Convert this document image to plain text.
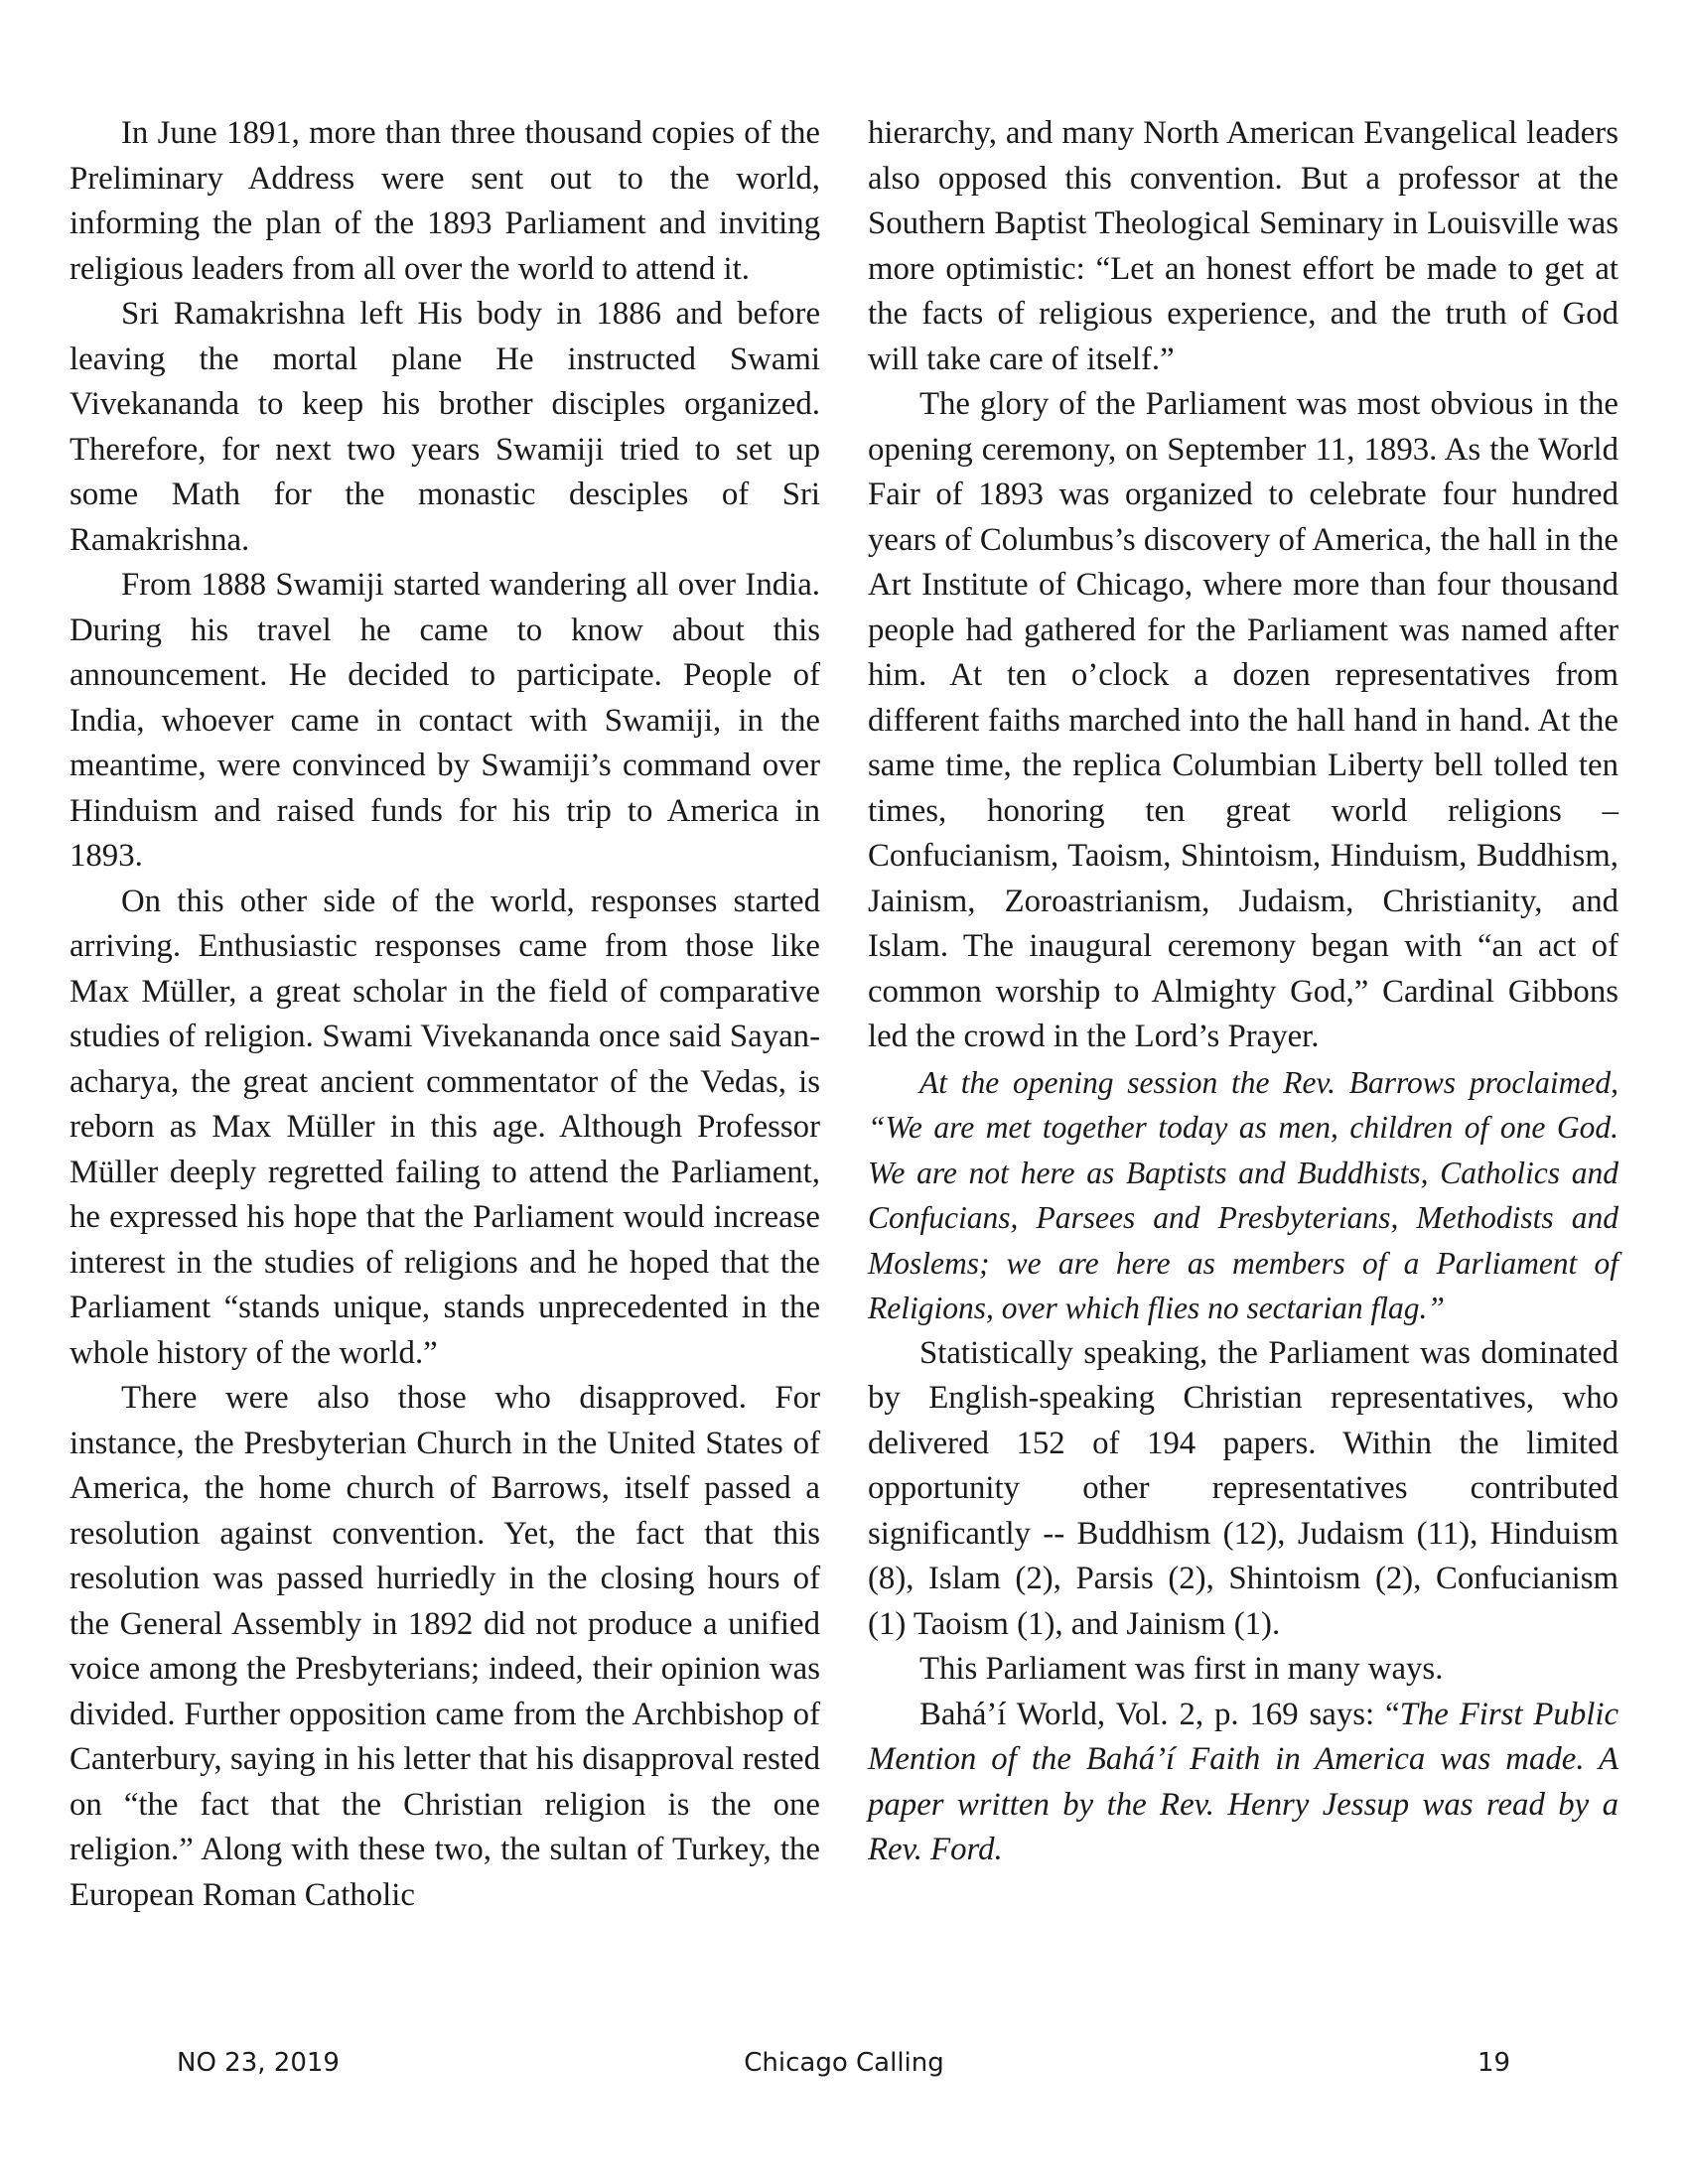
In June 1891, more than three thousand copies of the Preliminary Address were sent out to the world, informing the plan of the 1893 Parliament and inviting religious leaders from all over the world to attend it.

Sri Ramakrishna left His body in 1886 and before leaving the mortal plane He instructed Swami Vivekananda to keep his brother disciples organized. Therefore, for next two years Swamiji tried to set up some Math for the monastic desciples of Sri Ramakrishna.

From 1888 Swamiji started wandering all over India. During his travel he came to know about this announcement. He decided to participate. People of India, whoever came in contact with Swamiji, in the meantime, were convinced by Swamiji’s command over Hinduism and raised funds for his trip to America in 1893.

On this other side of the world, responses started arriving. Enthusiastic responses came from those like Max Müller, a great scholar in the field of comparative studies of religion. Swami Vivekananda once said Sayan-acharya, the great ancient commentator of the Vedas, is reborn as Max Müller in this age. Although Professor Müller deeply regretted failing to attend the Parliament, he expressed his hope that the Parliament would increase interest in the studies of religions and he hoped that the Parliament “stands unique, stands unprecedented in the whole history of the world.”

There were also those who disapproved. For instance, the Presbyterian Church in the United States of America, the home church of Barrows, itself passed a resolution against convention. Yet, the fact that this resolution was passed hurriedly in the closing hours of the General Assembly in 1892 did not produce a unified voice among the Presbyterians; indeed, their opinion was divided. Further opposition came from the Archbishop of Canterbury, saying in his letter that his disapproval rested on “the fact that the Christian religion is the one religion.” Along with these two, the sultan of Turkey, the European Roman Catholic

hierarchy, and many North American Evangelical leaders also opposed this convention. But a professor at the Southern Baptist Theological Seminary in Louisville was more optimistic: “Let an honest effort be made to get at the facts of religious experience, and the truth of God will take care of itself.”

The glory of the Parliament was most obvious in the opening ceremony, on September 11, 1893. As the World Fair of 1893 was organized to celebrate four hundred years of Columbus’s discovery of America, the hall in the Art Institute of Chicago, where more than four thousand people had gathered for the Parliament was named after him. At ten o’clock a dozen representatives from different faiths marched into the hall hand in hand. At the same time, the replica Columbian Liberty bell tolled ten times, honoring ten great world religions – Confucianism, Taoism, Shintoism, Hinduism, Buddhism, Jainism, Zoroastrianism, Judaism, Christianity, and Islam. The inaugural ceremony began with “an act of common worship to Almighty God,” Cardinal Gibbons led the crowd in the Lord’s Prayer.

At the opening session the Rev. Barrows proclaimed, “We are met together today as men, children of one God. We are not here as Baptists and Buddhists, Catholics and Confucians, Parsees and Presbyterians, Methodists and Moslems; we are here as members of a Parliament of Religions, over which flies no sectarian flag.”

Statistically speaking, the Parliament was dominated by English-speaking Christian representatives, who delivered 152 of 194 papers. Within the limited opportunity other representatives contributed significantly -- Buddhism (12), Judaism (11), Hinduism (8), Islam (2), Parsis (2), Shintoism (2), Confucianism (1) Taoism (1), and Jainism (1).

This Parliament was first in many ways.

Bahá’í World, Vol. 2, p. 169 says: “The First Public Mention of the Bahá’í Faith in America was made. A paper written by the Rev. Henry Jessup was read by a Rev. Ford.

NO 23, 2019	Chicago Calling	19
